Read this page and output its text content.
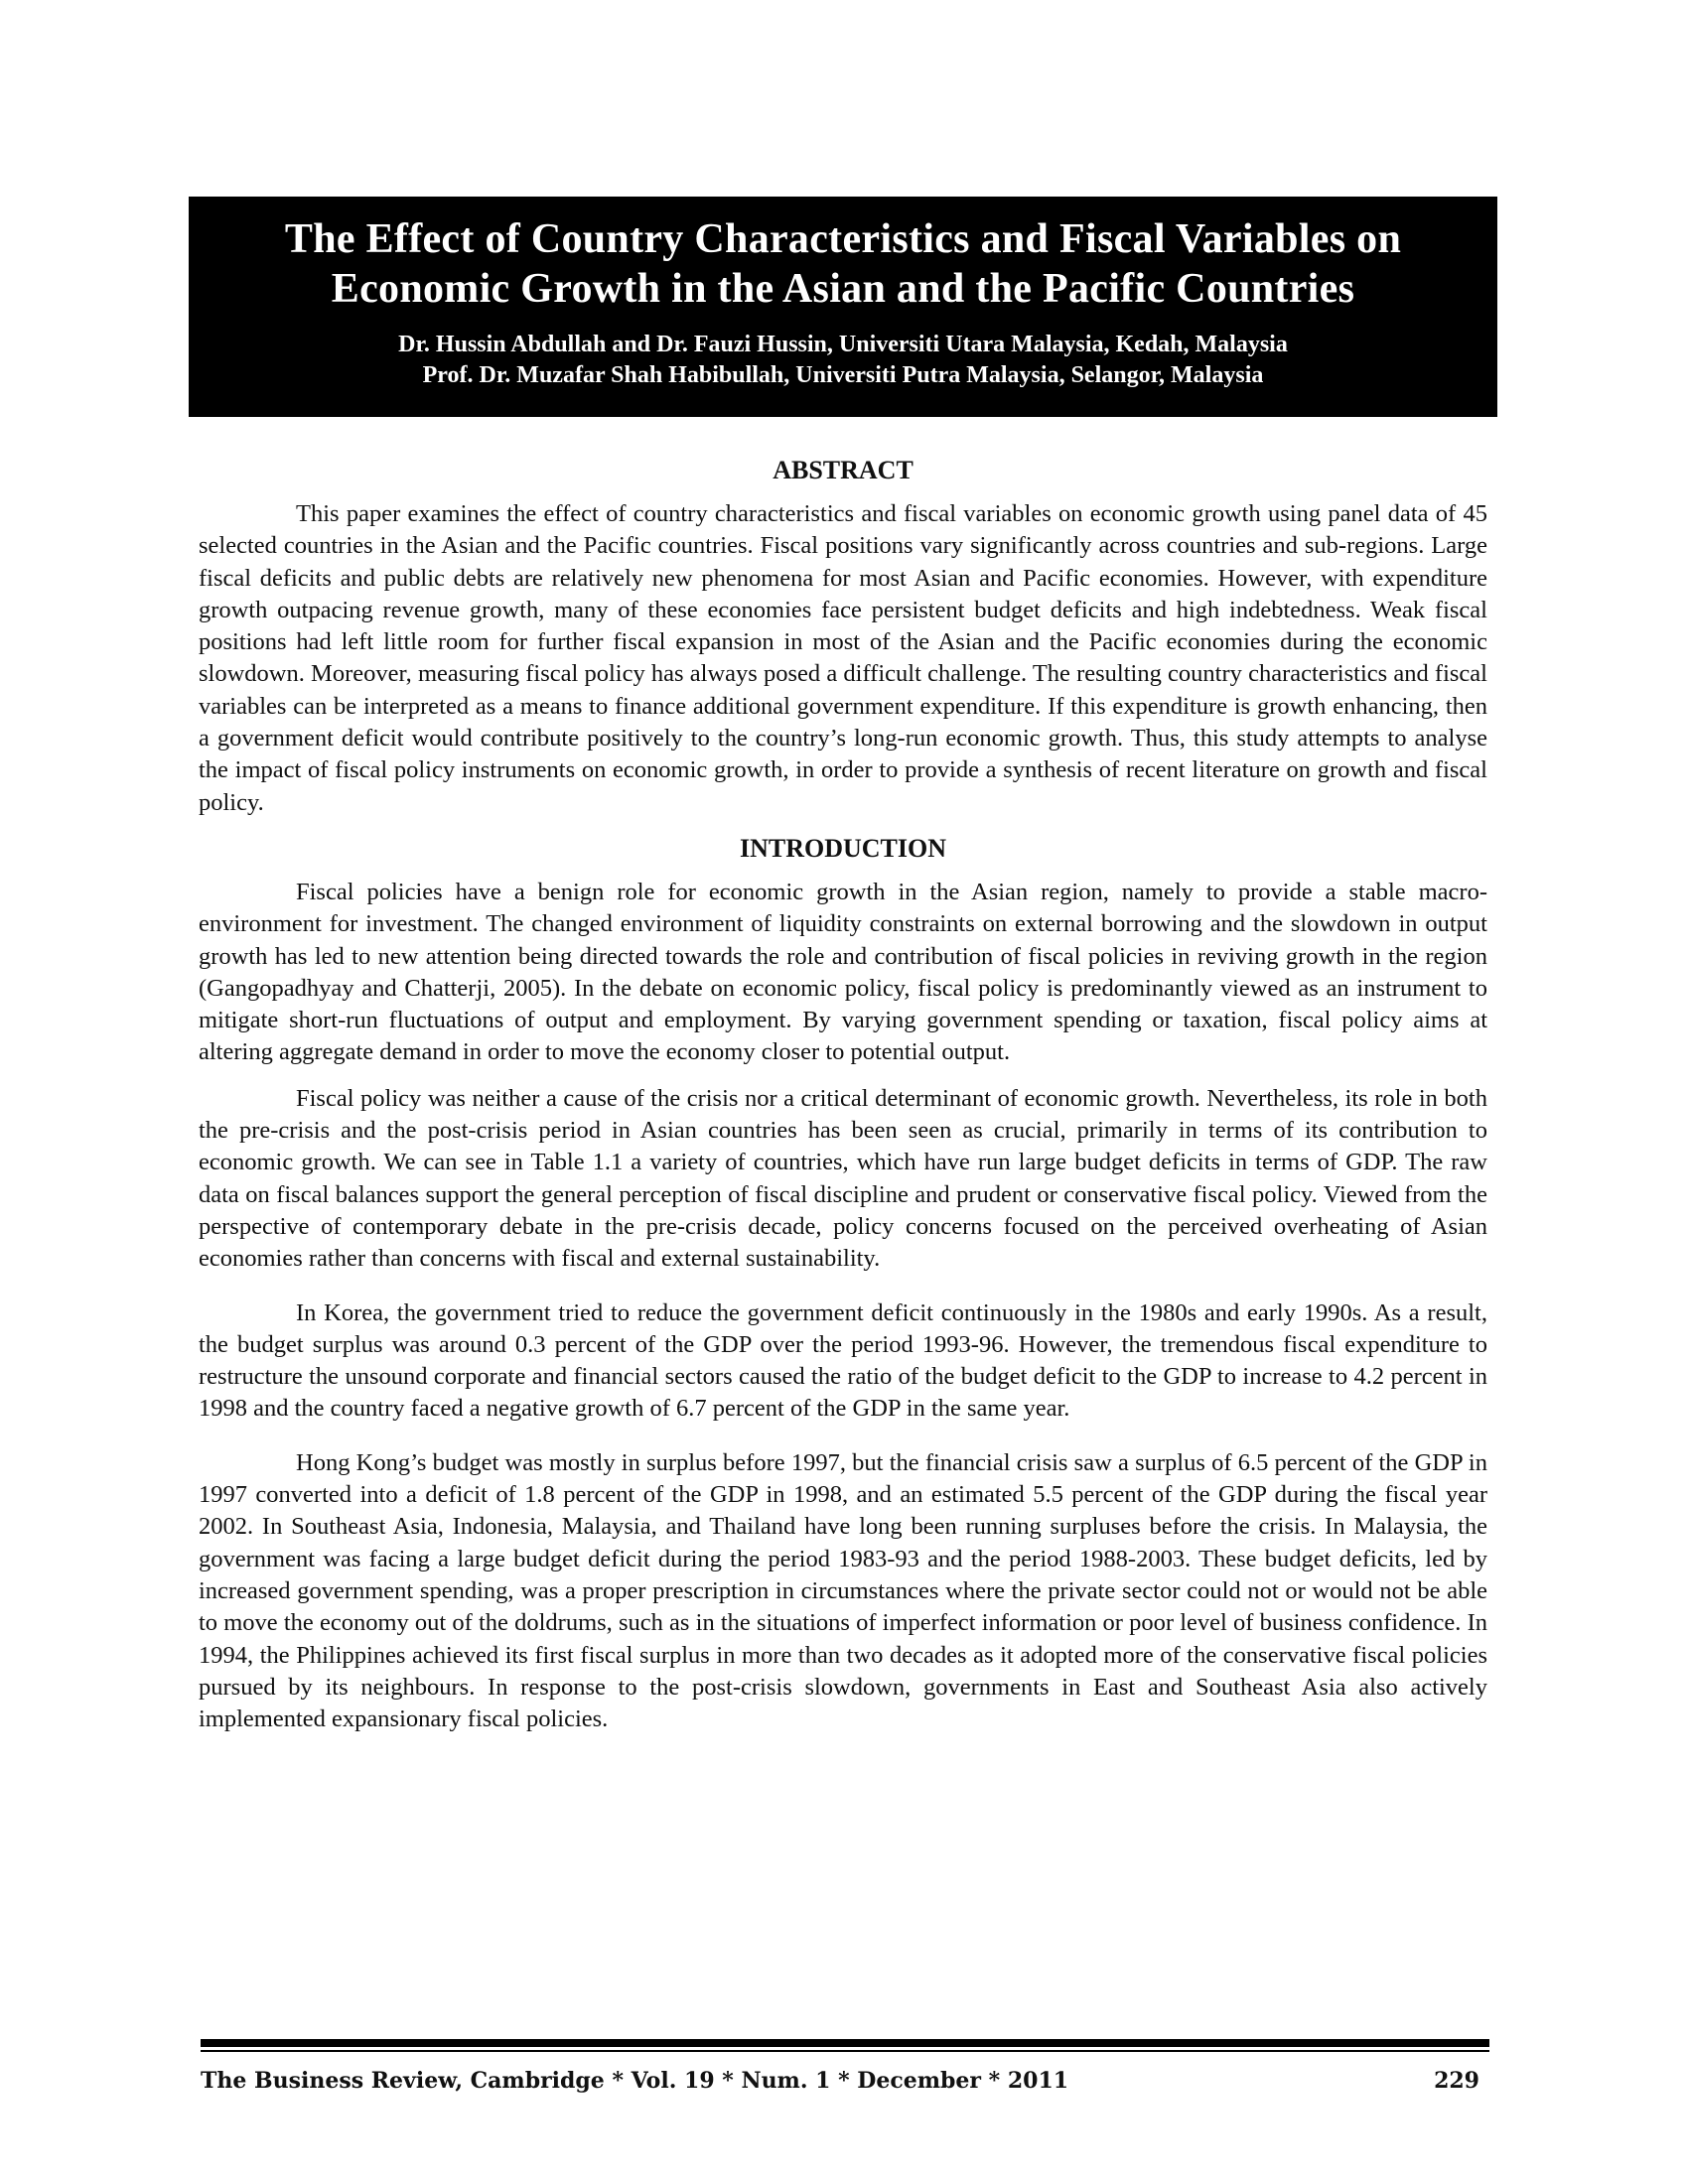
The Effect of Country Characteristics and Fiscal Variables on
Economic Growth in the Asian and the Pacific Countries
Dr. Hussin Abdullah and Dr. Fauzi Hussin, Universiti Utara Malaysia, Kedah, Malaysia
Prof. Dr. Muzafar Shah Habibullah, Universiti Putra Malaysia, Selangor, Malaysia
ABSTRACT

This paper examines the effect of country characteristics and fiscal variables on economic growth using panel data of 45 selected countries in the Asian and the Pacific countries. Fiscal positions vary significantly across countries and sub-regions. Large fiscal deficits and public debts are relatively new phenomena for most Asian and Pacific economies. However, with expenditure growth outpacing revenue growth, many of these economies face persistent budget deficits and high indebtedness. Weak fiscal positions had left little room for further fiscal expansion in most of the Asian and the Pacific economies during the economic slowdown. Moreover, measuring fiscal policy has always posed a difficult challenge. The resulting country characteristics and fiscal variables can be interpreted as a means to finance additional government expenditure. If this expenditure is growth enhancing, then a government deficit would contribute positively to the country’s long-run economic growth. Thus, this study attempts to analyse the impact of fiscal policy instruments on economic growth, in order to provide a synthesis of recent literature on growth and fiscal policy.

INTRODUCTION

Fiscal policies have a benign role for economic growth in the Asian region, namely to provide a stable macro-environment for investment. The changed environment of liquidity constraints on external borrowing and the slowdown in output growth has led to new attention being directed towards the role and contribution of fiscal policies in reviving growth in the region (Gangopadhyay and Chatterji, 2005). In the debate on economic policy, fiscal policy is predominantly viewed as an instrument to mitigate short-run fluctuations of output and employment. By varying government spending or taxation, fiscal policy aims at altering aggregate demand in order to move the economy closer to potential output.

Fiscal policy was neither a cause of the crisis nor a critical determinant of economic growth. Nevertheless, its role in both the pre-crisis and the post-crisis period in Asian countries has been seen as crucial, primarily in terms of its contribution to economic growth. We can see in Table 1.1 a variety of countries, which have run large budget deficits in terms of GDP. The raw data on fiscal balances support the general perception of fiscal discipline and prudent or conservative fiscal policy. Viewed from the perspective of contemporary debate in the pre-crisis decade, policy concerns focused on the perceived overheating of Asian economies rather than concerns with fiscal and external sustainability.

In Korea, the government tried to reduce the government deficit continuously in the 1980s and early 1990s. As a result, the budget surplus was around 0.3 percent of the GDP over the period 1993-96. However, the tremendous fiscal expenditure to restructure the unsound corporate and financial sectors caused the ratio of the budget deficit to the GDP to increase to 4.2 percent in 1998 and the country faced a negative growth of 6.7 percent of the GDP in the same year.

Hong Kong’s budget was mostly in surplus before 1997, but the financial crisis saw a surplus of 6.5 percent of the GDP in 1997 converted into a deficit of 1.8 percent of the GDP in 1998, and an estimated 5.5 percent of the GDP during the fiscal year 2002. In Southeast Asia, Indonesia, Malaysia, and Thailand have long been running surpluses before the crisis. In Malaysia, the government was facing a large budget deficit during the period 1983-93 and the period 1988-2003. These budget deficits, led by increased government spending, was a proper prescription in circumstances where the private sector could not or would not be able to move the economy out of the doldrums, such as in the situations of imperfect information or poor level of business confidence. In 1994, the Philippines achieved its first fiscal surplus in more than two decades as it adopted more of the conservative fiscal policies pursued by its neighbours. In response to the post-crisis slowdown, governments in East and Southeast Asia also actively implemented expansionary fiscal policies.

The Business Review, Cambridge * Vol. 19 * Num. 1 * December * 2011	229
